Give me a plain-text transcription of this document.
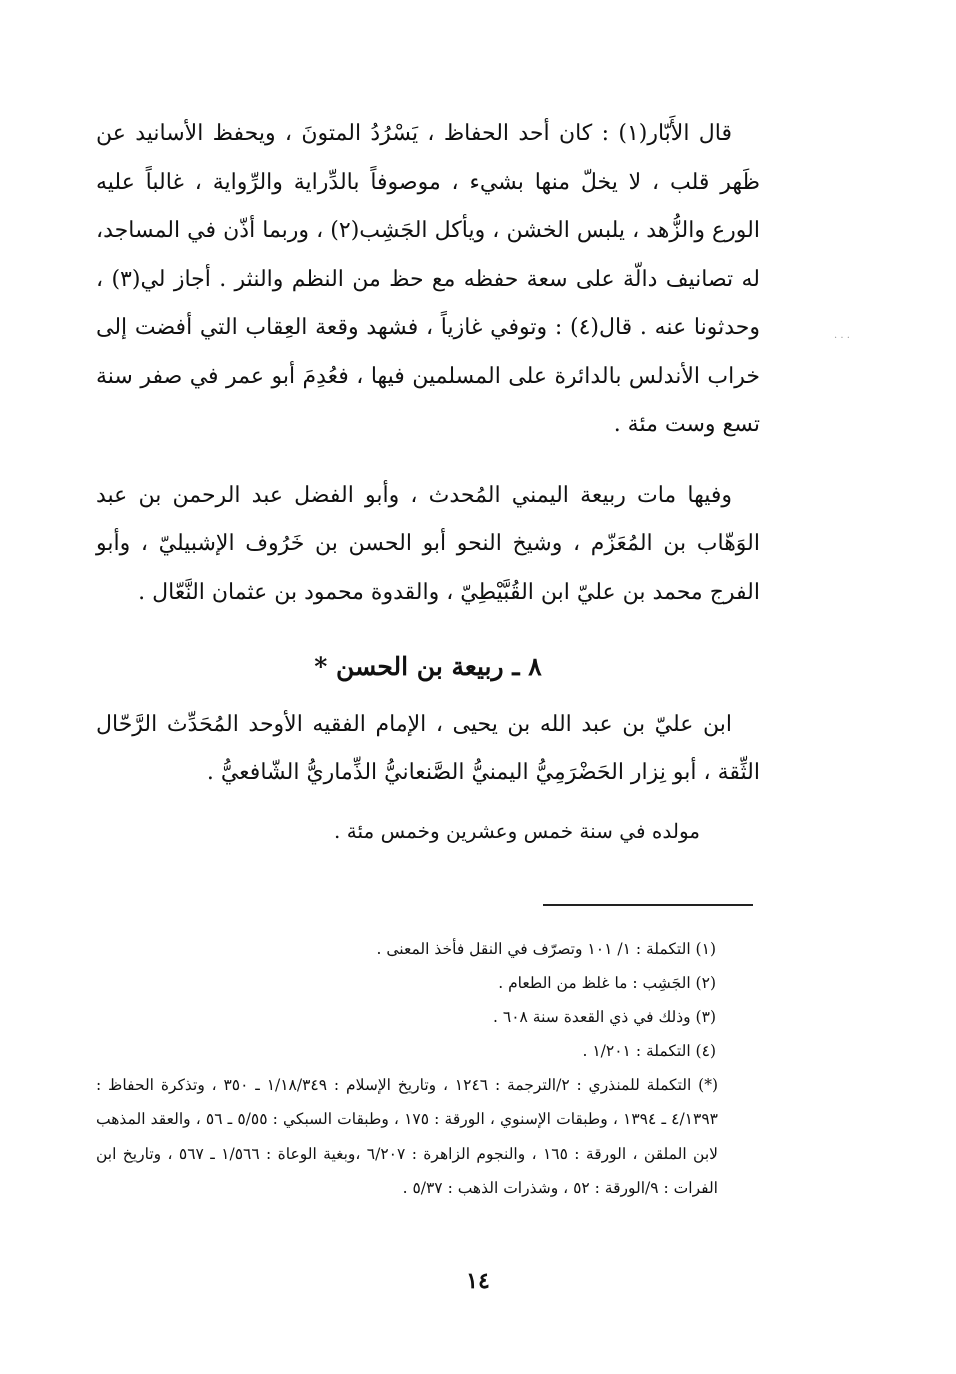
قال الأَبّار(١) : كان أحد الحفاظ ، يَسْرُدُ المتونَ ، ويحفظ الأسانيد عن ظَهر قلب ، لا يخلّ منها بشيء ، موصوفاً بالدِّراية والرِّواية ، غالباً عليه الورع والزُّهد ، يلبس الخشن ، ويأكل الجَشِب(٢) ، وربما أذّن في المساجد، له تصانيف دالّة على سعة حفظه مع حظ من النظم والنثر . أجاز لي(٣) ، وحدثونا عنه . قال(٤) : وتوفي غازياً ، فشهد وقعة العِقاب التي أفضت إلى خراب الأندلس بالدائرة على المسلمين فيها ، فعُدِمَ أبو عمر في صفر سنة تسع وست مئة .

وفيها مات ربيعة اليمني المُحدث ، وأبو الفضل عبد الرحمن بن عبد الوَهّاب بن المُعَزّم ، وشيخ النحو أبو الحسن بن خَرُوف الإشبيليّ ، وأبو الفرج محمد بن عليّ ابن القُبَّيْطِيّ ، والقدوة محمود بن عثمان النَّعّال .

٨ ـ ربيعة بن الحسن *

ابن عليّ بن عبد الله بن يحيى ، الإمام الفقيه الأوحد المُحَدِّث الرَّحّال الثِّقة ، أبو نِزار الحَضْرَمِيُّ اليمنيُّ الصَّنعانيُّ الذِّماريُّ الشّافعيُّ .

مولده في سنة خمس وعشرين وخمس مئة .

(١) التكملة : ١/ ١٠١ وتصرّف في النقل فأخذ المعنى .

(٢) الجَشِب : ما غلظ من الطعام .

(٣) وذلك في ذي القعدة سنة ٦٠٨ .

(٤) التكملة : ١/٢٠١ .

(*) التكملة للمنذري : ٢/الترجمة : ١٢٤٦ ، وتاريخ الإسلام : ١/١٨/٣٤٩ ـ ٣٥٠ ، وتذكرة الحفاظ : ٤/١٣٩٣ ـ ١٣٩٤ ، وطبقات الإسنوي ، الورقة : ١٧٥ ، وطبقات السبكي : ٥/٥٥ ـ ٥٦ ، والعقد المذهب لابن الملقن ، الورقة : ١٦٥ ، والنجوم الزاهرة : ٦/٢٠٧ ،وبغية الوعاة : ١/٥٦٦ ـ ٥٦٧ ، وتاريخ ابن الفرات : ٩/الورقة : ٥٢ ، وشذرات الذهب : ٥/٣٧ .

١٤
. . .
